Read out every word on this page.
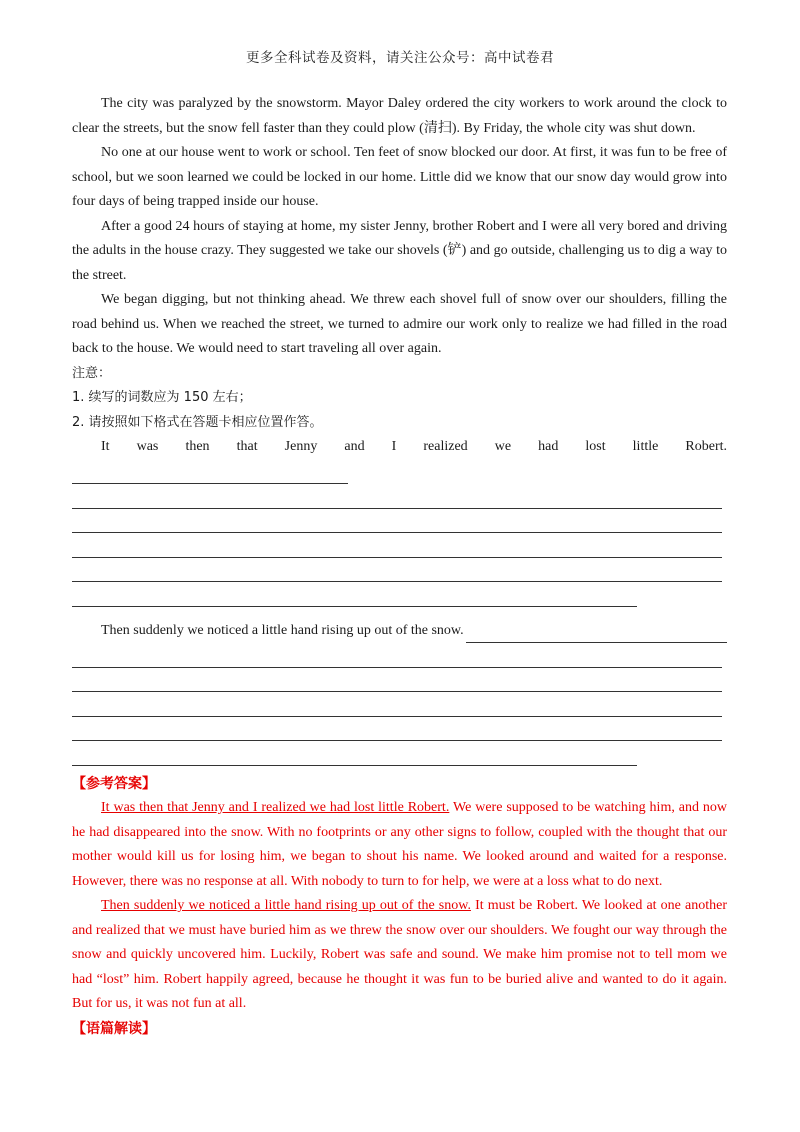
更多全科试卷及资料，请关注公众号：高中试卷君

The city was paralyzed by the snowstorm. Mayor Daley ordered the city workers to work around the clock to clear the streets, but the snow fell faster than they could plow (清扫). By Friday, the whole city was shut down.

No one at our house went to work or school. Ten feet of snow blocked our door. At first, it was fun to be free of school, but we soon learned we could be locked in our home. Little did we know that our snow day would grow into four days of being trapped inside our house.

After a good 24 hours of staying at home, my sister Jenny, brother Robert and I were all very bored and driving the adults in the house crazy. They suggested we take our shovels (铲) and go outside, challenging us to dig a way to the street.

We began digging, but not thinking ahead. We threw each shovel full of snow over our shoulders, filling the road behind us. When we reached the street, we turned to admire our work only to realize we had filled in the road back to the house. We would need to start traveling all over again.

注意：

1. 续写的词数应为 150 左右；

2. 请按照如下格式在答题卡相应位置作答。

It was then that Jenny and I realized we had lost little Robert.

Then suddenly we noticed a little hand rising up out of the snow.

【参考答案】

It was then that Jenny and I realized we had lost little Robert. We were supposed to be watching him, and now he had disappeared into the snow. With no footprints or any other signs to follow, coupled with the thought that our mother would kill us for losing him, we began to shout his name. We looked around and waited for a response. However, there was no response at all. With nobody to turn to for help, we were at a loss what to do next.

Then suddenly we noticed a little hand rising up out of the snow. It must be Robert. We looked at one another and realized that we must have buried him as we threw the snow over our shoulders. We fought our way through the snow and quickly uncovered him. Luckily, Robert was safe and sound. We make him promise not to tell mom we had “lost” him. Robert happily agreed, because he thought it was fun to be buried alive and wanted to do it again. But for us, it was not fun at all.

【语篇解读】
